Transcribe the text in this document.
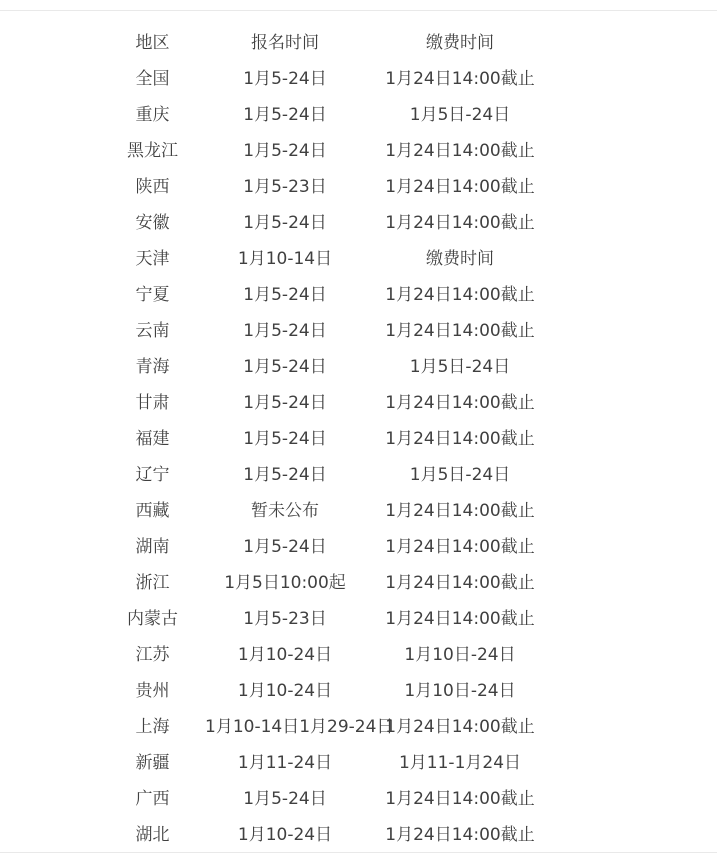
地区	报名时间	缴费时间
全国	1月5-24日	1月24日14:00截止
重庆	1月5-24日	1月5日-24日
黑龙江	1月5-24日	1月24日14:00截止
陕西	1月5-23日	1月24日14:00截止
安徽	1月5-24日	1月24日14:00截止
天津	1月10-14日	缴费时间
宁夏	1月5-24日	1月24日14:00截止
云南	1月5-24日	1月24日14:00截止
青海	1月5-24日	1月5日-24日
甘肃	1月5-24日	1月24日14:00截止
福建	1月5-24日	1月24日14:00截止
辽宁	1月5-24日	1月5日-24日
西藏	暂未公布	1月24日14:00截止
湖南	1月5-24日	1月24日14:00截止
浙江	1月5日10:00起	1月24日14:00截止
内蒙古	1月5-23日	1月24日14:00截止
江苏	1月10-24日	1月10日-24日
贵州	1月10-24日	1月10日-24日
上海	1月10-14日1月29-24日	1月24日14:00截止
新疆	1月11-24日	1月11-1月24日
广西	1月5-24日	1月24日14:00截止
湖北	1月10-24日	1月24日14:00截止
